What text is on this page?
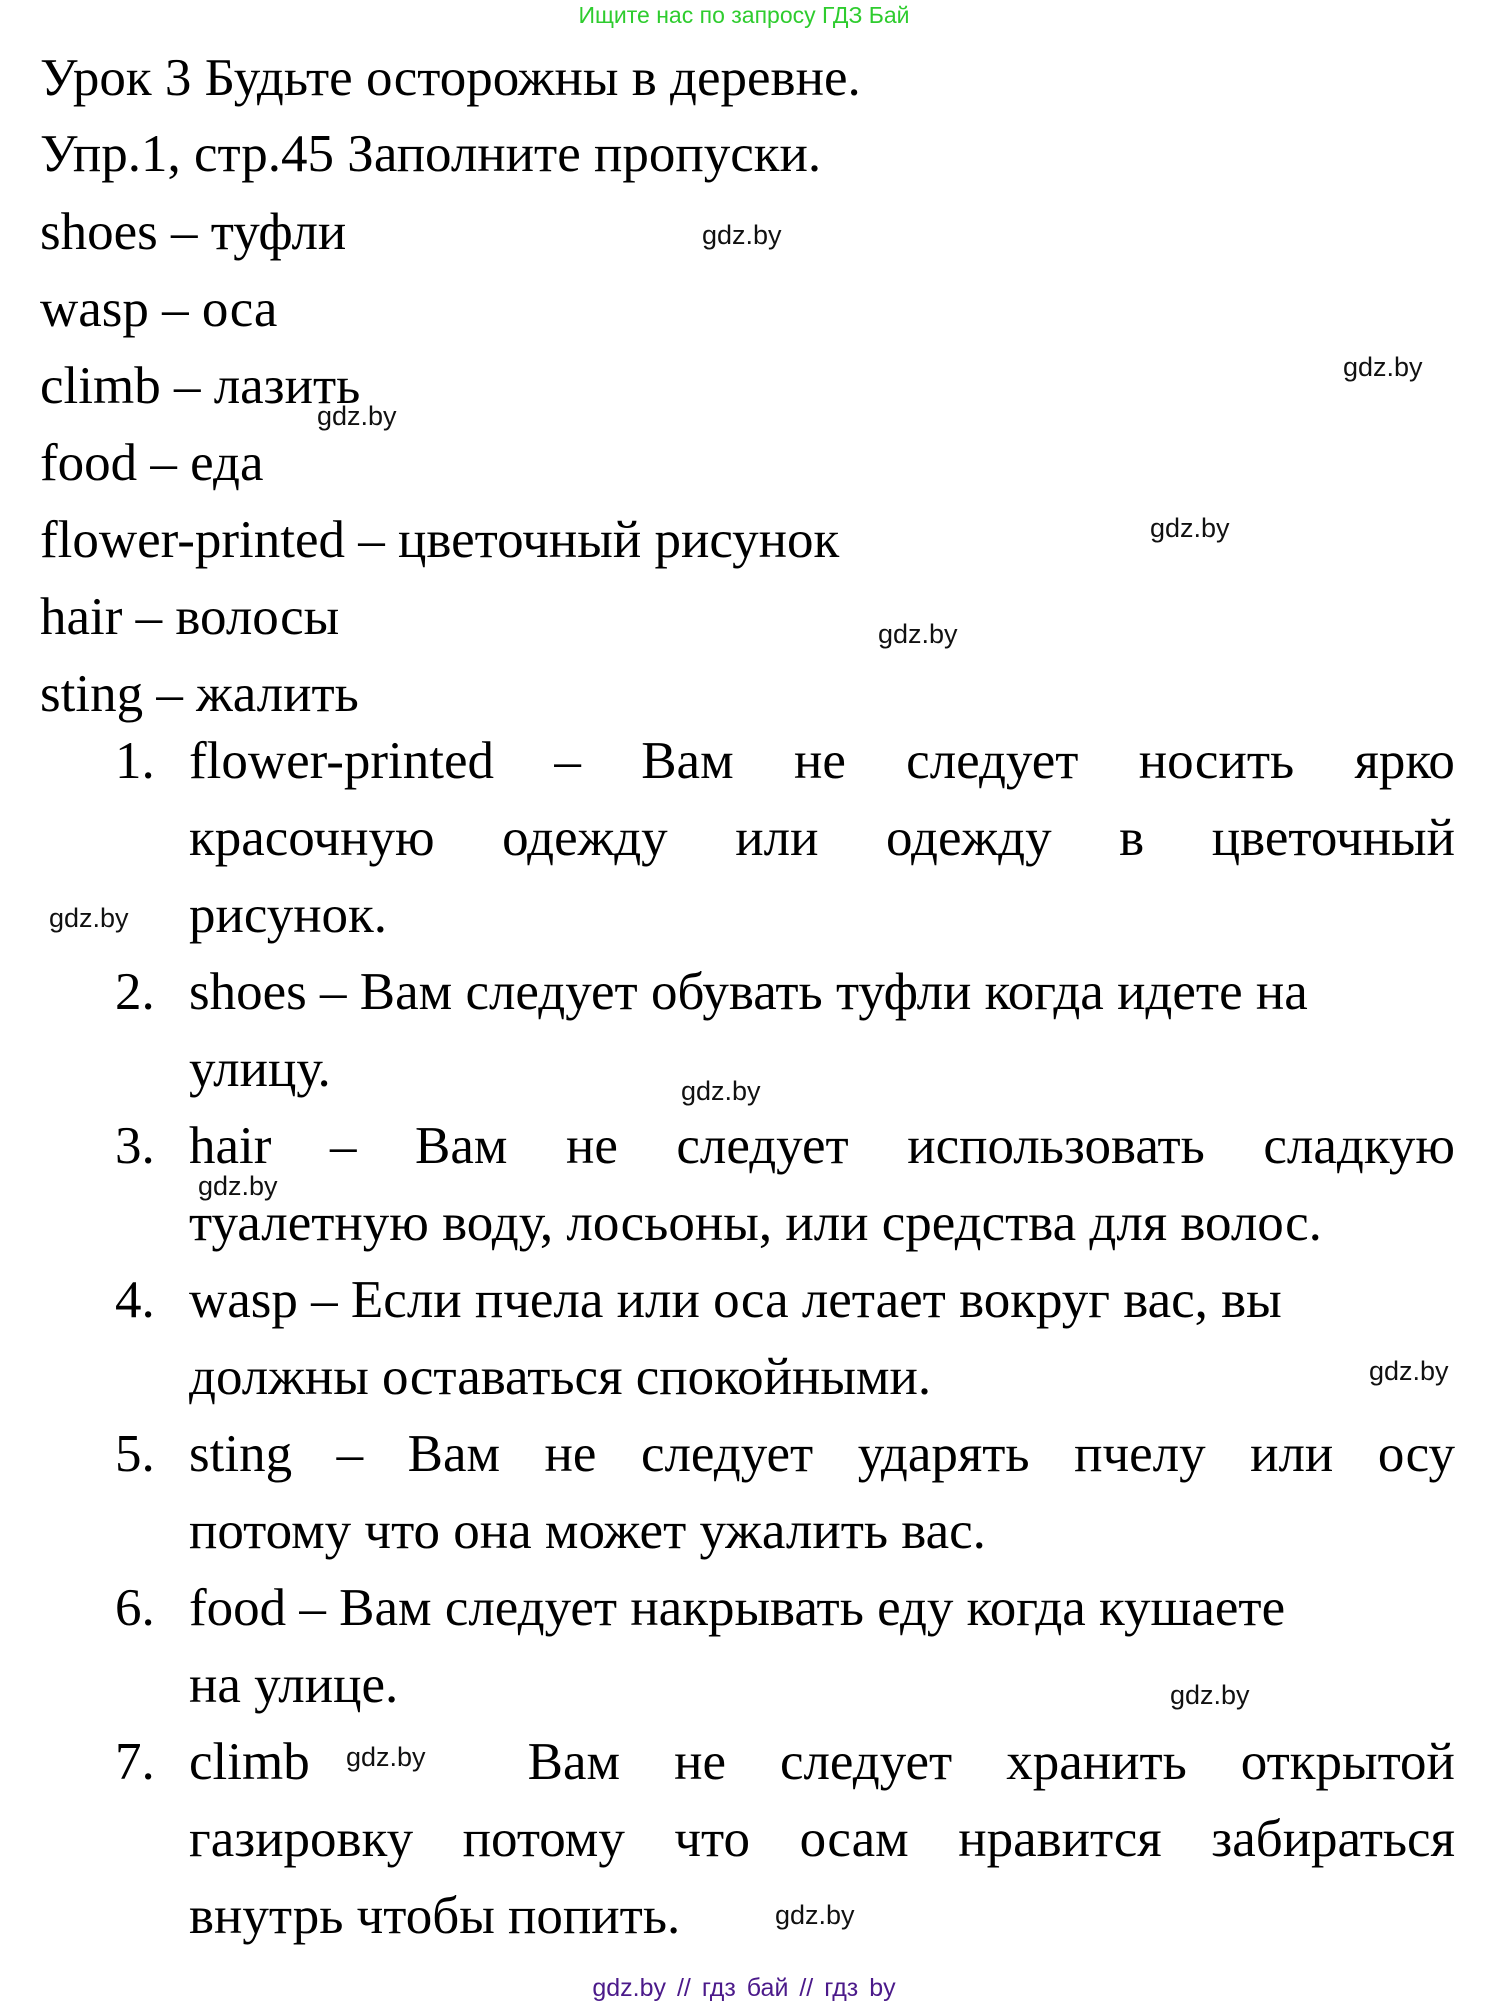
Ищите нас по запросу ГДЗ Бай
Урок 3 Будьте осторожны в деревне.
Упр.1, стр.45 Заполните пропуски.
shoes – туфли
wasp – оса
climb – лазить
food – еда
flower-printed – цветочный рисунок
hair – волосы
sting – жалить
1. flower-printed – Вам не следует носить ярко
красочную одежду или одежду в цветочный
рисунок.
2. shoes – Вам следует обувать туфли когда идете на
улицу.
3. hair – Вам не следует использовать сладкую
туалетную воду, лосьоны, или средства для волос.
4. wasp – Если пчела или оса летает вокруг вас, вы
должны оставаться спокойными.
5. sting – Вам не следует ударять пчелу или осу
потому что она может ужалить вас.
6. food – Вам следует накрывать еду когда кушаете
на улице.
7. climb	Вам не следует хранить открытой
газировку потому что осам нравится забираться
внутрь чтобы попить.
gdz.by
gdz.by
gdz.by
gdz.by
gdz.by
gdz.by
gdz.by
gdz.by
gdz.by
gdz.by
gdz.by
gdz.by
gdz.by // гдз бай // гдз by
